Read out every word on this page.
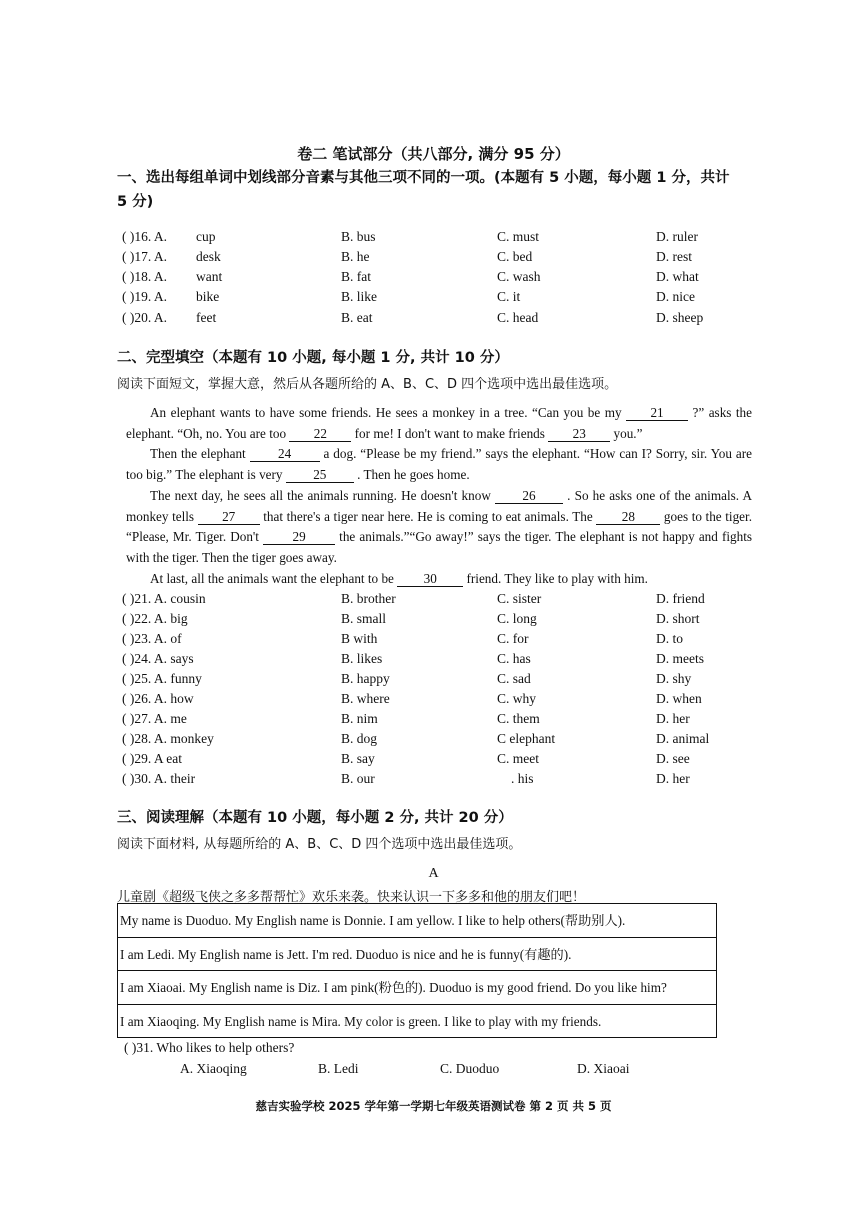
卷二 笔试部分（共八部分, 满分 95 分）
一、选出每组单词中划线部分音素与其他三项不同的一项。(本题有 5 小题，每小题 1 分，共计 5 分)
( )16. A. cup	B. bus	C. must	D. ruler
( )17. A. desk	B. he	C. bed	D. rest
( )18. A. want	B. fat	C. wash	D. what
( )19. A. bike	B. like	C. it	D. nice
( )20. A. feet	B. eat	C. head	D. sheep
二、完型填空（本题有 10 小题, 每小题 1 分, 共计 10 分）
阅读下面短文，掌握大意，然后从各题所给的 A、B、C、D 四个选项中选出最佳选项。

An elephant wants to have some friends. He sees a monkey in a tree. “Can you be my 21 ?” asks the elephant. “Oh, no. You are too 22 for me! I don't want to make friends 23 you.”

Then the elephant 24 a dog. “Please be my friend.” says the elephant. “How can I? Sorry, sir. You are too big.” The elephant is very 25 . Then he goes home.

The next day, he sees all the animals running. He doesn't know 26 . So he asks one of the animals. A monkey tells 27 that there's a tiger near here. He is coming to eat animals. The 28 goes to the tiger. “Please, Mr. Tiger. Don't 29 the animals.”“Go away!” says the tiger. The elephant is not happy and fights with the tiger. Then the tiger goes away.

At last, all the animals want the elephant to be 30 friend. They like to play with him.

( )21. A. cousin	B. brother	C. sister	D. friend
( )22. A. big	B. small	C. long	D. short
( )23. A. of	B with	C. for	D. to
( )24. A. says	B. likes	C. has	D. meets
( )25. A. funny	B. happy	C. sad	D. shy
( )26. A. how	B. where	C. why	D. when
( )27. A. me	B. nim	C. them	D. her
( )28. A. monkey	B. dog	C elephant	D. animal
( )29. A eat	B. say	C. meet	D. see
( )30. A. their	B. our	. his	D. her
三、阅读理解（本题有 10 小题，每小题 2 分, 共计 20 分）
阅读下面材料, 从每题所给的 A、B、C、D 四个选项中选出最佳选项。
A
儿童剧《超级飞侠之多多帮帮忙》欢乐来袭。快来认识一下多多和他的朋友们吧！
My name is Duoduo. My English name is Donnie. I am yellow. I like to help others(帮助别人).
I am Ledi. My English name is Jett. I'm red. Duoduo is nice and he is funny(有趣的).
I am Xiaoai. My English name is Diz. I am pink(粉色的). Duoduo is my good friend. Do you like him?
I am Xiaoqing. My English name is Mira. My color is green. I like to play with my friends.
( )31. Who likes to help others?
A. Xiaoqing	B. Ledi	C. Duoduo	D. Xiaoai
慈吉实验学校 2025 学年第一学期七年级英语测试卷 第 2 页 共 5 页
